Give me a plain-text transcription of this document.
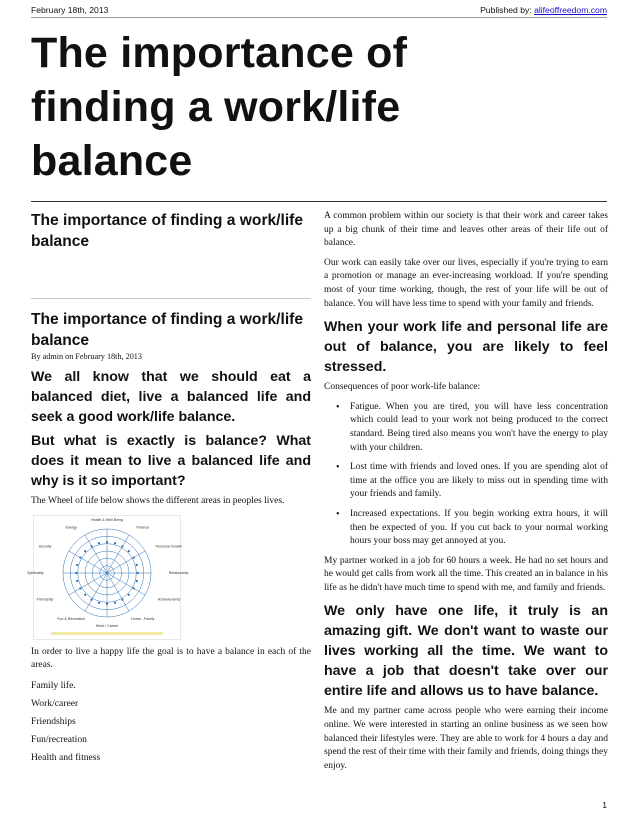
February 18th, 2013	Published by: alifeoffreedom.com
The importance of finding a work/life balance
The importance of finding a work/life balance
The importance of finding a work/life balance
By admin on February 18th, 2013

We all know that we should eat a balanced diet, live a balanced life and seek a good work/life balance.

But what is exactly is balance? What does it mean to live a balanced life and why is it so important?

The Wheel of life below shows the different areas in peoples lives.

Health & Well Being
Finance
Personal Growth
Relationship
Achievements
Home - Family
Work / Career
Fun & Recreation
Friendship
Spirituality
Security
Energy

In order to live a happy life the goal is to have a balance in each of the areas.

Family life.

Work/career

Friendships

Fun/recreation

Health and fitness

A common problem within our society is that their work and career takes up a big chunk of their time and leaves other areas of their life out of balance.

Our work can easily take over our lives, especially if you're trying to earn a promotion or manage an ever-increasing workload. If you're spending most of your time working, though, the rest of your life will be out of balance. You will have less time to spend with your family and friends.

When your work life and personal life are out of balance, you are likely to feel stressed.

Consequences of poor work-life balance:

• Fatigue. When you are tired, you will have less concentration which could lead to your work not being produced to the correct standard. Being tired also means you won't have the energy to play with your children.
• Lost time with friends and loved ones. If you are spending alot of time at the office you are likely to miss out in spending time with your friends and family.
• Increased expectations. If you begin working extra hours, it will then be expected of you. If you cut back to your normal working hours your boss may get annoyed at you.

My partner worked in a job for 60 hours a week. He had no set hours and he would get calls from work all the time. This created an in balance in his life as he didn't have much time to spend with me, and family and friends.

We only have one life, it truly is an amazing gift. We don't want to waste our lives working all the time. We want to have a job that doesn't take over our entire life and allows us to have balance.

Me and my partner came across people who were earning their income online. We were interested in starting an online business as we seen how balanced their lifestyles were. They are able to work for 4 hours a day and spend the rest of their time with their family and friends, doing things they enjoy.

1
